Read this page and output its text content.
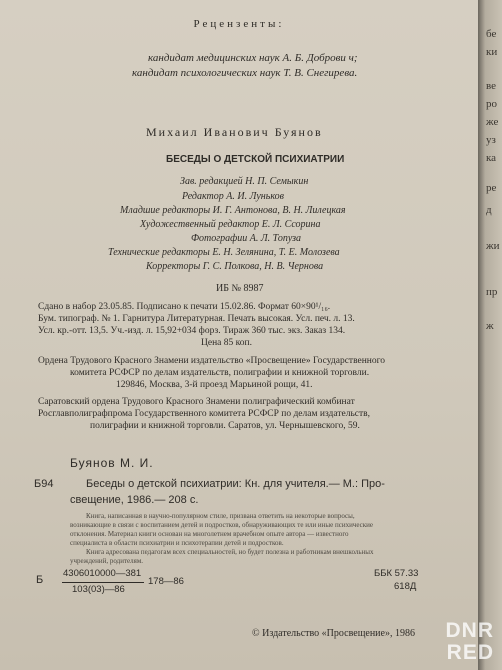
Рецензенты:
кандидат медицинских наук А. Б. Доброви ч;
кандидат психологических наук Т. В. Снегирева.
Михаил Иванович Буянов
БЕСЕДЫ О ДЕТСКОЙ ПСИХИАТРИИ
Зав. редакцией Н. П. Семыкин
Редактор А. И. Луньков
Младшие редакторы И. Г. Антонова, В. Н. Лилецкая
Художественный редактор Е. Л. Ссорина
Фотографии А. Л. Топуза
Технические редакторы Е. Н. Зелянина, Т. Е. Молозева
Корректоры Г. С. Полкова, Н. В. Чернова
ИБ № 8987
Сдано в набор 23.05.85. Подписано к печати 15.02.86. Формат 60×90¹/₁₆.
Бум. типограф. № 1. Гарнитура Литературная. Печать высокая. Усл. печ. л. 13.
Усл. кр.-отт. 13,5. Уч.-изд. л. 15,92+034 форз. Тираж 360 тыс. экз. Заказ 134.
Цена 85 коп.
Ордена Трудового Красного Знамени издательство «Просвещение» Государственного
комитета РСФСР по делам издательств, полиграфии и книжной торговли.
129846, Москва, 3-й проезд Марьиной рощи, 41.
Саратовский ордена Трудового Красного Знамени полиграфический комбинат
Росглавполиграфпрома Государственного комитета РСФСР по делам издательств,
полиграфии и книжной торговли. Саратов, ул. Чернышевского, 59.
Буянов М. И.
Б94	Беседы о детской психиатрии: Кн. для учителя.— М.: Про-
свещение, 1986.— 208 с.
Книга, написанная в научно-популярном стиле, призвана ответить на некоторые вопросы,
возникающие в связи с воспитанием детей и подростков, обнаруживающих те или иные психические
отклонения. Материал книги основан на многолетнем врачебном опыте автора — известного
специалиста в области психиатрии и психотерапии детей и подростков.
Книга адресована педагогам всех специальностей, но будет полезна и работникам внешкольных
учреждений, родителям.
Б
4306010000—381
103(03)—86
178—86
ББК 57.33
618Д
© Издательство «Просвещение», 1986
бе
ки
ве
ро
же
уз
ка
ре
д
жи
пр
ж
DNR
RED
